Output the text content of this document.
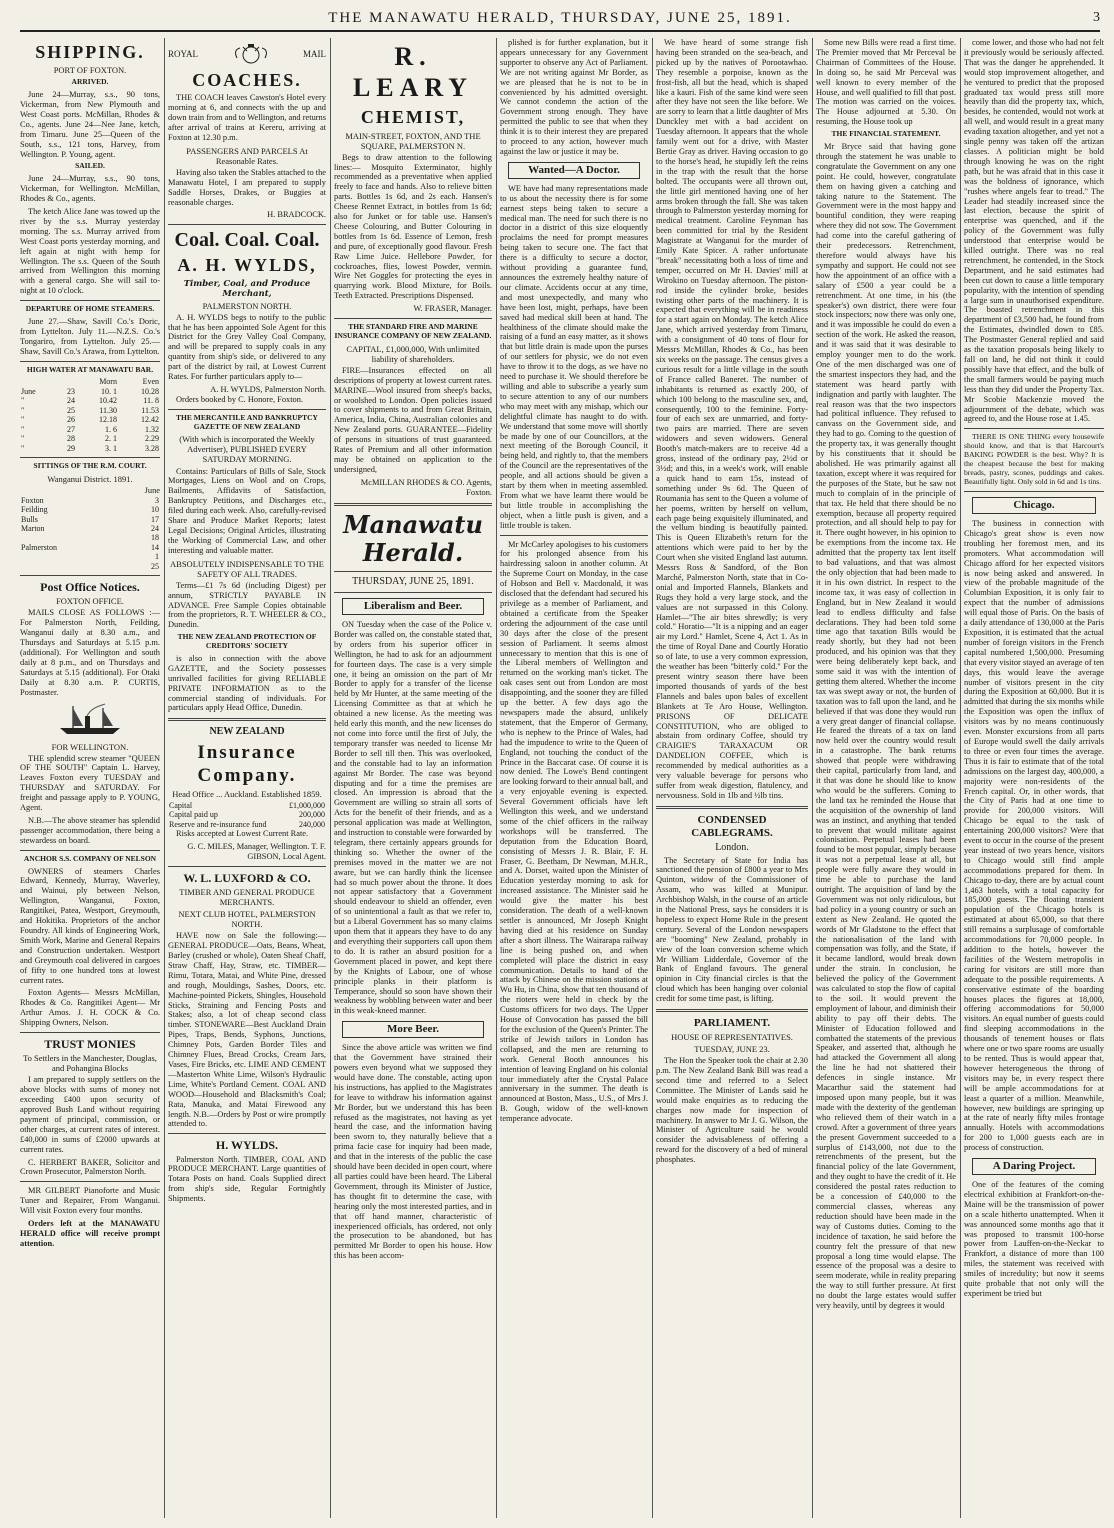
THE MANAWATU HERALD, THURSDAY, JUNE 25, 1891.	3
SHIPPING.
PORT OF FOXTON.
ARRIVED.

June 24—Murray, s.s., 90 tons, Vickerman, from New Plymouth and West Coast ports. McMillan, Rhodes & Co., agents. June 24—Nee Jane, ketch, from Timaru. June 25—Queen of the South, s.s., 121 tons, Harvey, from Wellington. P. Young, agent.

SAILED.

June 24—Murray, s.s., 90 tons, Vickerman, for Wellington. McMillan, Rhodes & Co., agents.

The ketch Alice Jane was towed up the river by the s.s. Murray yesterday morning. The s.s. Murray arrived from West Coast ports yesterday morning, and left again at night with hemp for Wellington. The s.s. Queen of the South arrived from Wellington this morning with a general cargo. She will sail to-night at 10 o'clock.

DEPARTURE OF HOME STEAMERS.

June 27.—Shaw, Savill Co.'s Doric, from Lyttelton. July 11.—N.Z.S. Co.'s Tongariro, from Lyttelton. July 25.—Shaw, Savill Co.'s Arawa, from Lyttelton.

HIGH WATER AT MANAWATU BAR.
		Morn	Even
June	23	10. 1	10.28
"	24	10.42	11. 8
"	25	11.30	11.53
"	26	12.18	12.42
"	27	1. 6	1.32
"	28	2. 1	2.29
"	29	3. 1	3.28
SITTINGS OF THE R.M. COURT.
Wanganui District. 1891.
June
Foxton	3
Feilding	10
Bulls	17
Marton	24
	18
Palmerston	14
	1
	25
Post Office Notices.
FOXTON OFFICE.

MAILS CLOSE AS FOLLOWS :— For Palmerston North, Feilding, Wanganui daily at 8.30 a.m., and Thursdays and Saturdays at 5.15 p.m. (additional). For Wellington and south daily at 8 p.m., and on Thursdays and Saturdays at 5.15 (additional). For Otaki Daily at 8.30 a.m. P. CURTIS, Postmaster.

FOR WELLINGTON.

THE splendid screw steamer "QUEEN OF THE SOUTH" Captain L. Harvey, Leaves Foxton every TUESDAY and THURSDAY and SATURDAY. For freight and passage apply to P. YOUNG, Agent.

N.B.—The above steamer has splendid passenger accommodation, there being a stewardess on board.

ANCHOR S.S. COMPANY OF NELSON

OWNERS of steamers Charles Edward, Kennedy, Murray, Waverley, and Wainui, ply between Nelson, Wellington, Wanganui, Foxton, Rangitikei, Patea, Westport, Greymouth, and Hokitika. Proprietors of the anchor Foundry. All kinds of Engineering Work, Smith Work, Marine and General Repairs and Construction undertaken. Westport and Greymouth coal delivered in cargoes of fifty to one hundred tons at lowest current rates.

Foxton Agents— Messrs McMillan, Rhodes & Co. Rangitikei Agent— Mr Arthur Amos. J. H. COCK & Co. Shipping Owners, Nelson.

TRUST MONIES
To Settlers in the Manchester, Douglas, and Pohangina Blocks

I am prepared to supply settlers on the above blocks with sums of money not exceeding £400 upon security of approved Bush Land without requiring payment of principal, commission, or other charges, at current rates of interest. £40,000 in sums of £2000 upwards at current rates.

C. HERBERT BAKER, Solicitor and Crown Prosecutor, Palmerston North.

MR GILBERT Pianoforte and Music Tuner and Repairer, From Wanganui. Will visit Foxton every four months.

Orders left at the MANAWATU HERALD office will receive prompt attention.

ROYAL	MAIL
COACHES.

THE COACH leaves Cawston's Hotel every morning at 6, and connects with the up and down train from and to Wellington, and returns after arrival of trains at Kereru, arriving at Foxton at 12.30 p.m.

PASSENGERS AND PARCELS At Reasonable Rates.

Having also taken the Stables attached to the Manawatu Hotel, I am prepared to supply Saddle Horses, Drakes, or Buggies at reasonable charges.

H. BRADCOCK.
Coal. Coal. Coal.
A. H. WYLDS,
Timber, Coal, and Produce Merchant,
PALMERSTON NORTH.

A. H. WYLDS begs to notify to the public that he has been appointed Sole Agent for this District for the Grey Valley Coal Company, and will be prepared to supply coals in any quantity from ship's side, or delivered to any part of the district by rail, at Lowest Current Rates. For further particulars apply to—

A. H. WYLDS, Palmerston North.

Orders booked by C. Honore, Foxton.

THE MERCANTILE AND BANKRUPTCY GAZETTE OF NEW ZEALAND
(With which is incorporated the Weekly Advertiser), PUBLISHED EVERY SATURDAY MORNING.

Contains: Particulars of Bills of Sale, Stock Mortgages, Liens on Wool and on Crops, Bailments, Affidavits of Satisfaction, Bankruptcy Petitions, and Discharges etc., filed during each week. Also, carefully-revised Share and Produce Market Reports; latest Legal Decisions; Original Articles, illustrating the Working of Commercial Law, and other interesting and valuable matter.

ABSOLUTELY INDISPENSABLE TO THE SAFETY OF ALL TRADES.

Terms—£1 7s 6d (including Digest) per annum, STRICTLY PAYABLE IN ADVANCE. Free Sample Copies obtainable from the proprietors, R. T. WHEELER & CO., Dunedin.

THE NEW ZEALAND PROTECTION OF CREDITORS' SOCIETY

is also in connection with the above GAZETTE, and the Society possesses unrivalled facilities for giving RELIABLE PRIVATE INFORMATION as to the commercial standing of individuals. For particulars apply Head Office, Dunedin.

NEW ZEALAND
Insurance Company.
Head Office ... Auckland. Established 1859.
Capital	£1,000,000
Capital paid up	200,000
Reserve and re-insurance fund	240,000

Risks accepted at Lowest Current Rate.

G. C. MILES, Manager, Wellington. T. F. GIBSON, Local Agent.
W. L. LUXFORD & CO.
TIMBER AND GENERAL PRODUCE MERCHANTS.
NEXT CLUB HOTEL, PALMERSTON NORTH.

HAVE now on Sale the following:— GENERAL PRODUCE—Oats, Beans, Wheat, Barley (crushed or whole), Oaten Sheaf Chaff, Straw Chaff, Hay, Straw, etc. TIMBER—Rimu, Totara, Matai, and White Pine, dressed and rough, Mouldings, Sashes, Doors, etc. Machine-pointed Pickets, Shingles, Household Sticks, Straining and Fencing Posts and Stakes; also, a lot of cheap second class timber. STONEWARE—Best Auckland Drain Pipes, Traps, Bends, Syphons, Junctions, Chimney Pots, Garden Border Tiles and Chimney Flues, Bread Crocks, Cream Jars, Vases, Fire Bricks, etc. LIME AND CEMENT—Masterton White Lime, Wilson's Hydraulic Lime, White's Portland Cement. COAL AND WOOD—Household and Blacksmith's Coal; Rata, Manuka, and Matai Firewood any length. N.B.—Orders by Post or wire promptly attended to.

H. WYLDS.

Palmerston North. TIMBER, COAL AND PRODUCE MERCHANT. Large quantities of Totara Posts on hand. Coals Supplied direct from ship's side, Regular Fortnightly Shipments.

R. LEARY
CHEMIST,
MAIN-STREET, FOXTON, AND THE SQUARE, PALMERSTON N.

Begs to draw attention to the following lines:— Mosquito Exterminator, highly recommended as a preventative when applied freely to face and hands. Also to relieve bitten parts. Bottles 1s 6d, and 2s each. Hansen's Cheese Rennet Extract, in bottles from 1s 6d; also for Junket or for table use. Hansen's Cheese Colouring, and Butter Colouring in bottles from 1s 6d. Essence of Lemon, fresh and pure, of exceptionally good flavour. Fresh Raw Lime Juice. Hellebore Powder, for cockroaches, flies, lowest Powder, vermin. Wire Net Goggles for protecting the eyes in quarrying work. Blood Mixture, for Boils. Teeth Extracted. Prescriptions Dispensed.

W. FRASER, Manager.
THE STANDARD FIRE AND MARINE INSURANCE COMPANY OF NEW ZEALAND.
CAPITAL, £1,000,000, With unlimited liability of shareholders.

FIRE—Insurances effected on all descriptions of property at lowest current rates. MARINE—Wool insured from sheep's backs, or woolshed to London. Open policies issued to cover shipments to and from Great Britain, America, India, China, Australian colonies and New Zealand ports. GUARANTEE—Fidelity of persons in situations of trust guaranteed. Rates of Premium and all other information may be obtained on application to the undersigned,

McMILLAN RHODES & CO. Agents, Foxton.
Manawatu Herald.
THURSDAY, JUNE 25, 1891.
Liberalism and Beer.

ON Tuesday when the case of the Police v. Border was called on, the constable stated that, by orders from his superior officer in Wellington, he had to ask for an adjournment for fourteen days. The case is a very simple one, it being an omission on the part of Mr Border to apply for a transfer of the license held by Mr Hunter, at the same meeting of the Licensing Committee as that at which he obtained a new license. As the meeting was held early this month, and the new licenses do not come into force until the first of July, the temporary transfer was needed to license Mr Border to sell till then. This was overlooked, and the constable had to lay an information against Mr Border. The case was beyond disputing and for a time the premises are closed. An impression is abroad that the Government are willing so strain all sorts of Acts for the benefit of their friends, and as a personal application was made at Wellington, and instruction to constable were forwarded by telegram, there certainly appears grounds for thinking so. Whether the owner of the premises moved in the matter we are not aware, but we can hardly think the licensee had so much power about the throne. It does not appear satisfactory that a Government should endeavour to shield an offender, even of so unintentional a fault as that we refer to, but a Liberal Government has so many claims upon them that it appears they have to do any and everything their supporters call upon them to do. It is rather an absurd position for a Government placed in power, and kept there by the Knights of Labour, one of whose principle planks in their platform is Temperance, should so soon have shown their weakness by wobbling between water and beer in this weak-kneed manner.

More Beer.

Since the above article was written we find that the Government have strained their powers even beyond what we supposed they would have done. The constable, acting upon his instructions, has applied to the Magistrates for leave to withdraw his information against Mr Border, but we understand this has been refused as the magistrates, not having as yet heard the case, and the information having been sworn to, they naturally believe that a prima facie case for inquiry had been made, and that in the interests of the public the case should have been decided in open court, where all parties could have been heard. The Liberal Government, through its Minister of Justice, has thought fit to determine the case, with hearing only the most interested parties, and in that off hand manner, characteristic of inexperienced officials, has ordered, not only the prosecution to be abandoned, but has permitted Mr Border to open his house. How this has been accom-

plished is for further explanation, but it appears unnecessary for any Government supporter to observe any Act of Parliament. We are not writing against Mr Border, as we are pleased that he is not to be in convenienced by his admitted oversight. We cannot condemn the action of the Government strong enough. They have permitted the public to see that when they think it is to their interest they are prepared to proceed to any action, however much against the law or justice it may be.

Wanted—A Doctor.

WE have had many representations made to us about the necessity there is for some earnest steps being taken to secure a medical man. The need for such there is no doctor in a district of this size eloquently proclaims the need for prompt measures being taken to secure one. The fact that there is a difficulty to secure a doctor, without providing a guarantee fund, announces the extremely healthy nature of our climate. Accidents occur at any time, and most unexpectedly, and many who have been lost, might, perhaps, have been saved had medical skill been at hand. The healthiness of the climate should make the raising of a fund an easy matter, as it shows that but little drain is made upon the purses of our settlers for physic, we do not even have to throw it to the dogs, as we have no need to purchase it. We should therefore be willing and able to subscribe a yearly sum to secure attention to any of our numbers who may meet with any mishap, which our delightful climate has naught to do with. We understand that some move will shortly be made by one of our Councillors, at the next meeting of the Borough Council, it being held, and rightly to, that the members of the Council are the representatives of the people, and all actions should be given a start by them when in meeting assembled. From what we have learnt there would be but little trouble in accomplishing the object, when a little push is given, and a little trouble is taken.

Mr McCarley apologises to his customers for his prolonged absence from his hairdressing saloon in another column. At the Supreme Court on Monday, in the case of Hobson and Bell v. Macdonald, it was disclosed that the defendant had secured his privilege as a member of Parliament, and obtained a certificate from the Speaker ordering the adjournment of the case until 30 days after the close of the present session of Parliament. It seems almost unnecessary to mention that this is one of the Liberal members of Wellington and returned on the working man's ticket. The oak cases sent out from London are most disappointing, and the sooner they are filled up the better. A few days ago the newspapers made the absurd, unlikely statement, that the Emperor of Germany, who is nephew to the Prince of Wales, had had the impudence to write to the Queen of England, not touching the conduct of the Prince in the Baccarat case. Of course it is now denied. The Lowe's Bend contingent are looking forward to their annual ball, and a very enjoyable evening is expected. Several Government officials have left Wellington this week, and we understand some of the chief officers in the railway workshops will be transferred. The deputation from the Education Board, consisting of Messrs J. R. Blair, F. H. Fraser, G. Beetham, Dr Newman, M.H.R., and A. Dorset, waited upon the Minister of Education yesterday morning to ask for increased assistance. The Minister said he would give the matter his best consideration. The death of a well-known settler is announced, Mr Joseph Knight having died at his residence on Sunday after a short illness. The Wairarapa railway line is being pushed on, and when completed will place the district in easy communication. Details to hand of the attack by Chinese on the mission stations at Wu Hu, in China, show that ten thousand of the rioters were held in check by the Customs officers for two days. The Upper House of Convocation has passed the bill for the exclusion of the Queen's Printer. The strike of Jewish tailors in London has collapsed, and the men are returning to work. General Booth announces his intention of leaving England on his colonial tour immediately after the Crystal Palace anniversary in the summer. The death is announced at Boston, Mass., U.S., of Mrs J. B. Gough, widow of the well-known temperance advocate.

We have heard of some strange fish having been stranded on the sea-beach, and picked up by the natives of Porootawhao. They resemble a porpoise, known as the frost-fish, all but the head, which is shaped like a kauri. Fish of the same kind were seen after they have not seen the like before. We are sorry to learn that a little daughter of Mrs Dunckley met with a bad accident on Tuesday afternoon. It appears that the whole family went out for a drive, with Master Bertie Gray as driver. Having occasion to go to the horse's head, he stupidly left the reins in the trap with the result that the horse bolted. The occupants were all thrown out, the little girl mentioned having one of her arms broken through the fall. She was taken through to Palmerston yesterday morning for medical treatment. Caroline Feynman has been committed for trial by the Resident Magistrate at Wanganui for the murder of Emily Kate Spicer. A rather unfortunate "break" necessitating both a loss of time and temper, occurred on Mr H. Davies' mill at Wirokino on Tuesday afternoon. The piston-rod inside the cylinder broke, besides twisting other parts of the machinery. It is expected that everything will be in readiness for a start again on Monday. The ketch Alice Jane, which arrived yesterday from Timaru, with a consignment of 40 tons of flour for Messrs McMillan, Rhodes & Co., has been six weeks on the passage. The census gives a curious result for a little village in the south of France called Baneret. The number of inhabitants is returned as exactly 200, of which 100 belong to the masculine sex, and, consequently, 100 to the feminine. Forty-four of each sex are unmarried, and forty-two pairs are married. There are seven widowers and seven widowers. General Booth's match-makers are to receive 4d a gross, instead of the ordinary pay, 2½d or 3½d; and this, in a week's work, will enable a quick hand to earn 15s, instead of something under 9s 6d. The Queen of Roumania has sent to the Queen a volume of her poems, written by herself on vellum, each page being exquisitely illuminated, and the vellum binding is beautifully painted. This is Queen Elizabeth's return for the attentions which were paid to her by the Court when she visited England last autumn. Messrs Ross & Sandford, of the Bon Marché, Palmerston North, state that in Co-onial and Imported Flannels, Blankets and Rugs they hold a very large stock, and the values are not surpassed in this Colony. Hamlet—"The air bites shrewdly; is very cold." Horatio—"It is a nipping and an eager air my Lord." Hamlet, Scene 4, Act 1. As in the time of Royal Dane and Courtly Horatio so of late, to use a very common expression, the weather has been "bitterly cold." For the present wintry season there have been imported thousands of yards of the best Flannels and bales upon bales of excellent Blankets at Te Aro House, Wellington. PRISONS OF DELICATE CONSTITUTION, who are obliged to abstain from ordinary Coffee, should try CRAIGIE'S TARAXACUM OR DANDELION COFFEE, which is recommended by medical authorities as a very valuable beverage for persons who suffer from weak digestion, flatulency, and nervousness. Sold in 1lb and ½lb tins.

CONDENSED CABLEGRAMS.
London.

The Secretary of State for India has sanctioned the pension of £800 a year to Mrs Quinton, widow of the Commissioner of Assam, who was killed at Munipur. Archbishop Walsh, in the course of an article in the National Press, says he considers it is hopeless to expect Home Rule in the present century. Several of the London newspapers are "booming" New Zealand, probably in view of the loan conversion scheme which Mr William Lidderdale, Governor of the Bank of England favours. The general opinion in City financial circles is that the cloud which has been hanging over colonial credit for some time past, is lifting.

PARLIAMENT.
HOUSE OF REPRESENTATIVES.
TUESDAY, JUNE 23.

The Hon the Speaker took the chair at 2.30 p.m. The New Zealand Bank Bill was read a second time and referred to a Select Committee. The Minister of Lands said he would make enquiries as to reducing the charges now made for inspection of machinery. In answer to Mr J. G. Wilson, the Minister of Agriculture said he would consider the advisableness of offering a reward for the discovery of a bed of mineral phosphates.

Some new Bills were read a first time. The Premier moved that Mr Perceval be Chairman of Committees of the House. In doing so, he said Mr Perceval was well known to every member of the House, and well qualified to fill that post. The motion was carried on the voices. The House adjourned at 5.30. On resuming, the House took up

THE FINANCIAL STATEMENT.

Mr Bryce said that having gone through the statement he was unable to congratulate the Government on any one point. He could, however, congratulate them on having given a catching and taking nature to the Statement. The Government were in the most happy and bountiful condition, they were reaping where they did not sow. The Government had come into the careful gathering of their predecessors. Retrenchment, therefore would always have his sympathy and support. He could not see how the appointment of an office with a salary of £500 a year could be a retrenchment. At one time, in his (the speaker's) own district, there were four stock inspectors; now there was only one, and it was impossible he could do even a section of the work. He asked the reason, and it was said that it was desirable to employ younger men to do the work. One of the men discharged was one of the smartest inspectors they had, and the statement was heard partly with indignation and partly with laughter. The real reason was that the two inspectors had political influence. They refused to canvass on the Government side, and they had to go. Coming to the question of the property tax, it was generally thought by his constituents that it should be abolished. He was primarily against all taxation, except where it was required for the purposes of the State, but he saw not much to complain of in the principle of that tax. He held that there should be no exemption, because all property required protection, and all should help to pay for it. There ought however, in his opinion to be exemptions from the income tax. He admitted that the property tax lent itself to bad valuations, and that was almost the only objection that had been made to it in his own district. In respect to the income tax, it was easy of collection in England, but in New Zealand it would lead to endless difficulty and false declarations. They had been told some time ago that taxation Bills would be ready shortly, but they had not been produced, and his opinion was that they were being deliberately kept back, and some said it was with the intention of getting them altered. Whether the income tax was swept away or not, the burden of taxation was to fall upon the land, and he believed if that was done they would run a very great danger of financial collapse. He feared the threats of a tax on land now held over the country would result in a catastrophe. The bank returns showed that people were withdrawing their capital, particularly from land, and it that was done he should like to know who would be the sufferers. Coming to the land tax he reminded the House that the acquisition of the ownership of land was an instinct, and anything that tended to prevent that would militate against colonisation. Perpetual leases had been found to be most popular, simply because it was not a perpetual lease at all, but people were fully aware they would in time be able to purchase the land outright. The acquisition of land by the Government was not only ridiculous, but bad policy in a young country or such an extent as New Zealand. He quoted the words of Mr Gladstone to the effect that the nationalisation of the land with compensation was folly, and the State, if it became landlord, would break down under the strain. In conclusion, he believed the policy of the Government was calculated to stop the flow of capital to the soil. It would prevent the employment of labour, and diminish their ability to pay off their debts. The Minister of Education followed and combatted the statements of the previous Speaker, and asserted that, although he had attacked the Government all along the line he had not shattered their defences in single instance. Mr Macarthur said the statement had imposed upon many people, but it was made with the dexterity of the gentleman who relieved them of their watch in a crowd. After a government of three years the present Government succeeded to a surplus of £143,000, not due to the retrenchments of the present, but the financial policy of the late Government, and they ought to have the credit of it. He considered the postal rates reduction to be a concession of £40,000 to the commercial classes, whereas any reduction should have been made in the way of Customs duties. Coming to the incidence of taxation, he said before the country felt the pressure of that new proposal a long time would elapse. The essence of the proposal was a desire to seem moderate, while in reality preparing the way to still further pressure. At first no doubt the large estates would suffer very heavily, until by degrees it would

come lower, and those who had not felt it previously would be seriously affected. That was the danger he apprehended. It would stop improvement altogether, and he ventured to predict that the proposed graduated tax would press still more heavily than did the property tax, which, besides, he contended, would not work at all well, and would result in a great many evading taxation altogether, and yet not a single penny was taken off the artizan classes. A politician might be bold through knowing he was on the right path, but he was afraid that in this case it was the boldness of ignorance, which "rushes where angels fear to tread." The Leader had steadily increased since the last election, because the spirit of enterprise was quenched, and if the policy of the Government was fully understood that enterprise would be killed outright. There was no real retrenchment, he contended, in the Stock Department, and he said estimates had been cut down to cause a little temporary popularity, with the intention of spending a large sum in unauthorised expenditure. The boasted retrenchment in this department of £3,500 had, he found from the Estimates, dwindled down to £85. The Postmaster General replied and said as the taxation proposals being likely to fall on land, he did not think it could possibly have that effect, and the bulk of the small farmers would be paying much less than they did under the Property Tax. Mr Scobie Mackenzie moved the adjournment of the debate, which was agreed to, and the House rose at 1.45.

THERE IS ONE THING every housewife should know, and that is that Harcourt's BAKING POWDER is the best. Why? It is the cheapest because the best for making breads, pastry, scones, puddings and cakes. Beautifully light. Only sold in 6d and 1s tins.

Chicago.

The business in connection with Chicago's great show is even now troubling her foremost men, and its promoters. What accommodation will Chicago afford for her expected visitors is now being asked and answered. In view of the probable magnitude of the Columbian Exposition, it is only fair to expect that the number of admissions will equal those of Paris. On the basis of a daily attendance of 130,000 at the Paris Exposition, it is estimated that the actual number of foreign visitors in the French capital numbered 1,500,000. Presuming that every visitor stayed an average of ten days, this would leave the average number of visitors present in the city during the Exposition at 60,000. But it is admitted that during the six months while the Exposition was open the influx of visitors was by no means continuously even. Monster excursions from all parts of Europe would swell the daily arrivals to three or even four times the average. Thus it is fair to estimate that of the total admissions on the largest day, 400,000, a majority were non-residents of the French capital. Or, in other words, that the City of Paris had at one time to provide for 200,000 visitors. Will Chicago be equal to the task of entertaining 200,000 visitors? Were that event to occur in the course of the present year instead of two years hence, visitors to Chicago would still find ample accommodations prepared for them. In Chicago to-day, there are by actual count 1,463 hotels, with a total capacity for 185,000 guests. The floating transient population of the Chicago hotels is estimated at about 65,000, so that there still remains a surplusage of comfortable accommodations for 70,000 people. In addition to the hotels, however the facilities of the Western metropolis in caring for visitors are still more than adequate to the possible requirements. A conservative estimate of the boarding houses places the figures at 18,000, offering accommodations for 50,000 visitors. An equal number of guests could find sleeping accommodations in the thousands of tenement houses or flats where one or two spare rooms are usually to be rented. Thus is would appear that, however heterogeneous the throng of visitors may be, in every respect there will be ample accommodations for at least a quarter of a million. Meanwhile, however, new buildings are springing up at the rate of nearly fifty miles frontage annually. Hotels with accommodations for 200 to 1,000 guests each are in process of construction.

A Daring Project.

One of the features of the coming electrical exhibition at Frankfort-on-the-Maine will be the transmission of power on a scale hitherto unattempted. When it was announced some months ago that it was proposed to transmit 100-horse power from Lauffen-on-the-Neckar to Frankfort, a distance of more than 100 miles, the statement was received with smiles of incredulity; but now it seems quite probable that not only will the experiment be tried but
